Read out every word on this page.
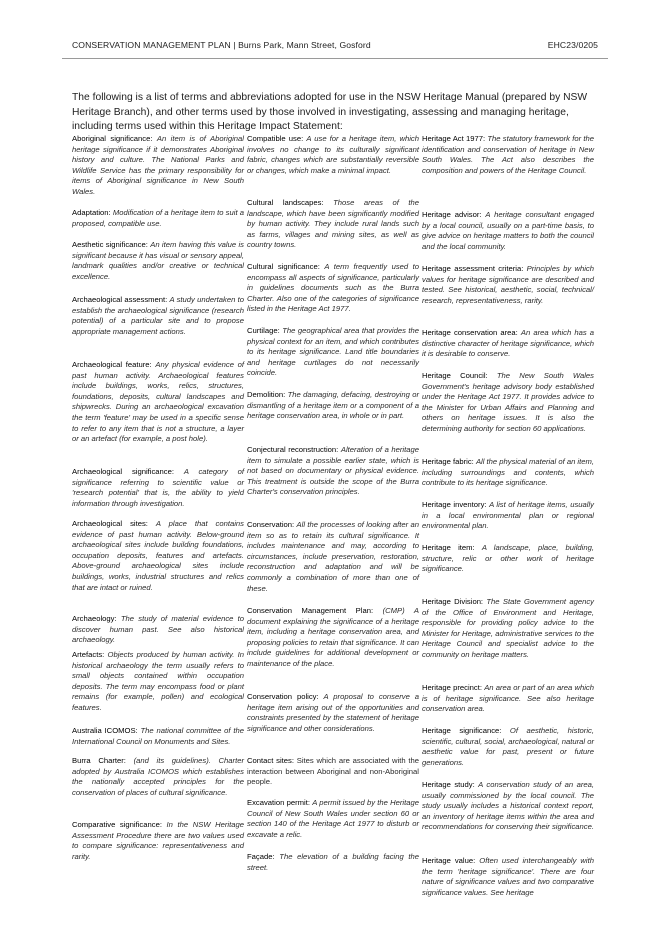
CONSERVATION MANAGEMENT PLAN | Burns Park, Mann Street, Gosford	EHC23/0205

The following is a list of terms and abbreviations adopted for use in the NSW Heritage Manual (prepared by NSW Heritage Branch), and other terms used by those involved in investigating, assessing and managing heritage, including terms used within this Heritage Impact Statement:

Aboriginal significance: An item is of Aboriginal heritage significance if it demonstrates Aboriginal history and culture. The National Parks and Wildlife Service has the primary responsibility for items of Aboriginal significance in New South Wales.

Adaptation: Modification of a heritage item to suit a proposed, compatible use.

Aesthetic significance: An item having this value is significant because it has visual or sensory appeal, landmark qualities and/or creative or technical excellence.

Archaeological assessment: A study undertaken to establish the archaeological significance (research potential) of a particular site and to propose appropriate management actions.

Archaeological feature: Any physical evidence of past human activity. Archaeological features include buildings, works, relics, structures, foundations, deposits, cultural landscapes and shipwrecks. During an archaeological excavation the term 'feature' may be used in a specific sense to refer to any item that is not a structure, a layer or an artefact (for example, a post hole).

Archaeological significance: A category of significance referring to scientific value or 'research potential' that is, the ability to yield information through investigation.

Archaeological sites: A place that contains evidence of past human activity. Below-ground archaeological sites include building foundations, occupation deposits, features and artefacts. Above-ground archaeological sites include buildings, works, industrial structures and relics that are intact or ruined.

Archaeology: The study of material evidence to discover human past. See also historical archaeology.

Artefacts: Objects produced by human activity. In historical archaeology the term usually refers to small objects contained within occupation deposits. The term may encompass food or plant remains (for example, pollen) and ecological features.

Australia ICOMOS: The national committee of the International Council on Monuments and Sites.

Burra Charter: (and its guidelines). Charter adopted by Australia ICOMOS which establishes the nationally accepted principles for the conservation of places of cultural significance.

Comparative significance: In the NSW Heritage Assessment Procedure there are two values used to compare significance: representativeness and rarity.

Compatible use: A use for a heritage item, which involves no change to its culturally significant fabric, changes which are substantially reversible or changes, which make a minimal impact.

Cultural landscapes: Those areas of the landscape, which have been significantly modified by human activity. They include rural lands such as farms, villages and mining sites, as well as country towns.

Cultural significance: A term frequently used to encompass all aspects of significance, particularly in guidelines documents such as the Burra Charter. Also one of the categories of significance listed in the Heritage Act 1977.

Curtilage: The geographical area that provides the physical context for an item, and which contributes to its heritage significance. Land title boundaries and heritage curtilages do not necessarily coincide.

Demolition: The damaging, defacing, destroying or dismantling of a heritage item or a component of a heritage conservation area, in whole or in part.

Conjectural reconstruction: Alteration of a heritage item to simulate a possible earlier state, which is not based on documentary or physical evidence. This treatment is outside the scope of the Burra Charter's conservation principles.

Conservation: All the processes of looking after an item so as to retain its cultural significance. It includes maintenance and may, according to circumstances, include preservation, restoration, reconstruction and adaptation and will be commonly a combination of more than one of these.

Conservation Management Plan: (CMP) A document explaining the significance of a heritage item, including a heritage conservation area, and proposing policies to retain that significance. It can include guidelines for additional development or maintenance of the place.

Conservation policy: A proposal to conserve a heritage item arising out of the opportunities and constraints presented by the statement of heritage significance and other considerations.

Contact sites: Sites which are associated with the interaction between Aboriginal and non-Aboriginal people.

Excavation permit: A permit issued by the Heritage Council of New South Wales under section 60 or section 140 of the Heritage Act 1977 to disturb or excavate a relic.

Façade: The elevation of a building facing the street.

Heritage Act 1977: The statutory framework for the identification and conservation of heritage in New South Wales. The Act also describes the composition and powers of the Heritage Council.

Heritage advisor: A heritage consultant engaged by a local council, usually on a part-time basis, to give advice on heritage matters to both the council and the local community.

Heritage assessment criteria: Principles by which values for heritage significance are described and tested. See historical, aesthetic, social, technical/ research, representativeness, rarity.

Heritage conservation area: An area which has a distinctive character of heritage significance, which it is desirable to conserve.

Heritage Council: The New South Wales Government's heritage advisory body established under the Heritage Act 1977. It provides advice to the Minister for Urban Affairs and Planning and others on heritage issues. It is also the determining authority for section 60 applications.

Heritage fabric: All the physical material of an item, including surroundings and contents, which contribute to its heritage significance.

Heritage inventory: A list of heritage items, usually in a local environmental plan or regional environmental plan.

Heritage item: A landscape, place, building, structure, relic or other work of heritage significance.

Heritage Division: The State Government agency of the Office of Environment and Heritage, responsible for providing policy advice to the Minister for Heritage, administrative services to the Heritage Council and specialist advice to the community on heritage matters.

Heritage precinct: An area or part of an area which is of heritage significance. See also heritage conservation area.

Heritage significance: Of aesthetic, historic, scientific, cultural, social, archaeological, natural or aesthetic value for past, present or future generations.

Heritage study: A conservation study of an area, usually commissioned by the local council. The study usually includes a historical context report, an inventory of heritage items within the area and recommendations for conserving their significance.

Heritage value: Often used interchangeably with the term 'heritage significance'. There are four nature of significance values and two comparative significance values. See heritage
